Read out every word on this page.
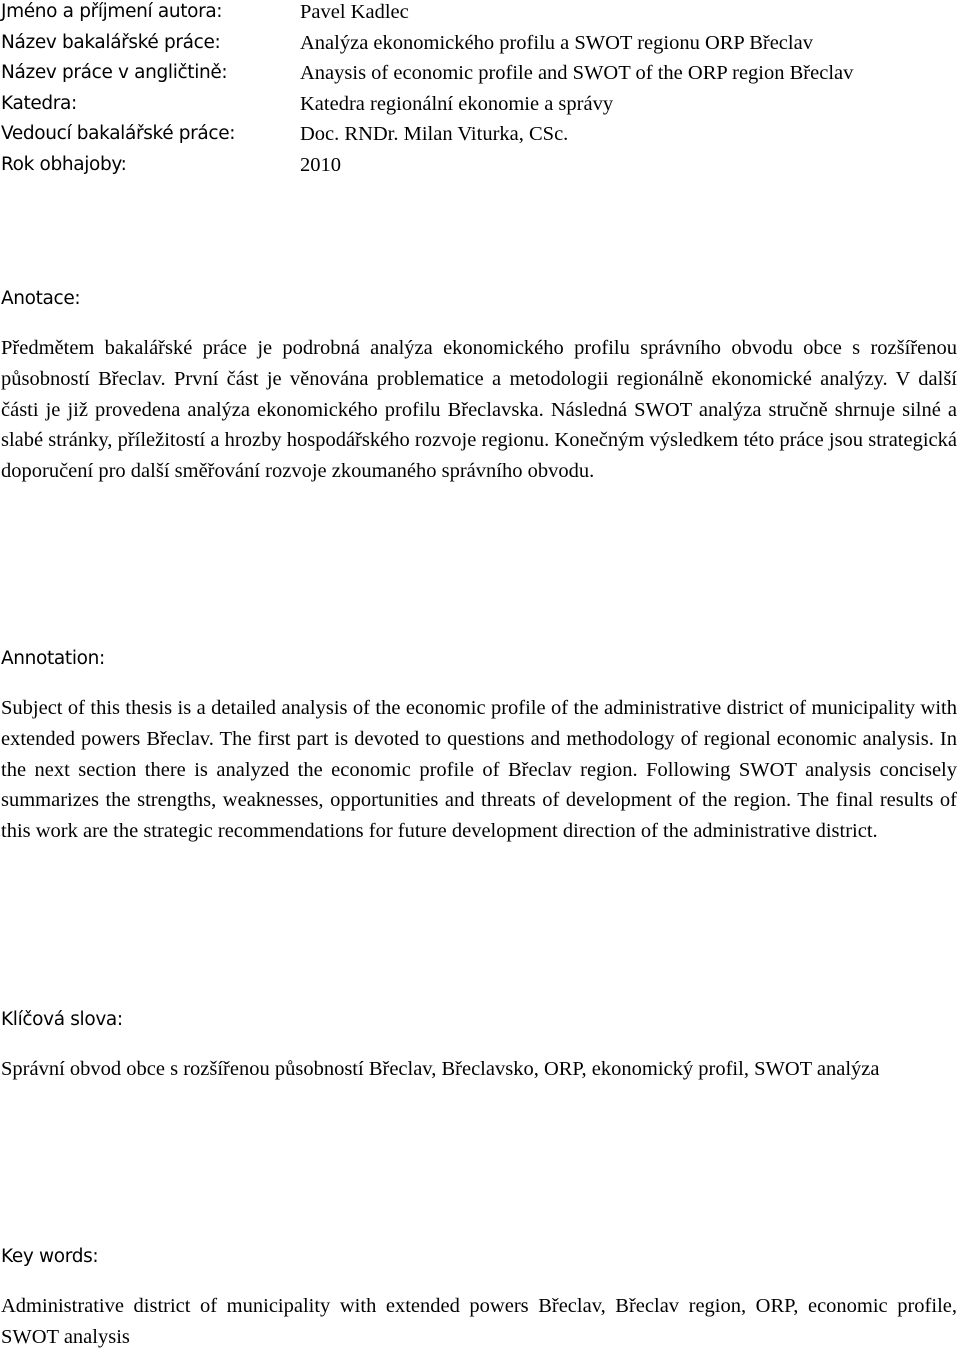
Jméno a příjmení autora:	Pavel Kadlec
Název bakalářské práce:	Analýza ekonomického profilu a SWOT regionu ORP Břeclav
Název práce v angličtině:	Anaysis of economic profile and SWOT of the ORP region Břeclav
Katedra:	Katedra regionální ekonomie a správy
Vedoucí bakalářské práce:	Doc. RNDr. Milan Viturka, CSc.
Rok obhajoby:	2010
Anotace:

Předmětem bakalářské práce je podrobná analýza ekonomického profilu správního obvodu obce s rozšířenou působností Břeclav. První část je věnována problematice a metodologii regionálně ekonomické analýzy. V další části je již provedena analýza ekonomického profilu Břeclavska. Následná SWOT analýza stručně shrnuje silné a slabé stránky, příležitostí a hrozby hospodářského rozvoje regionu. Konečným výsledkem této práce jsou strategická doporučení pro další směřování rozvoje zkoumaného správního obvodu.

Annotation:

Subject of this thesis is a detailed analysis of the economic profile of the administrative district of municipality with extended powers Břeclav. The first part is devoted to questions and methodology of regional economic analysis. In the next section there is analyzed the economic profile of Břeclav region. Following SWOT analysis concisely summarizes the strengths, weaknesses, opportunities and threats of development of the region. The final results of this work are the strategic recommendations for future development direction of the administrative district.

Klíčová slova:

Správní obvod obce s rozšířenou působností Břeclav, Břeclavsko, ORP, ekonomický profil, SWOT analýza

Key words:

Administrative district of municipality with extended powers Břeclav, Břeclav region, ORP, economic profile, SWOT analysis
